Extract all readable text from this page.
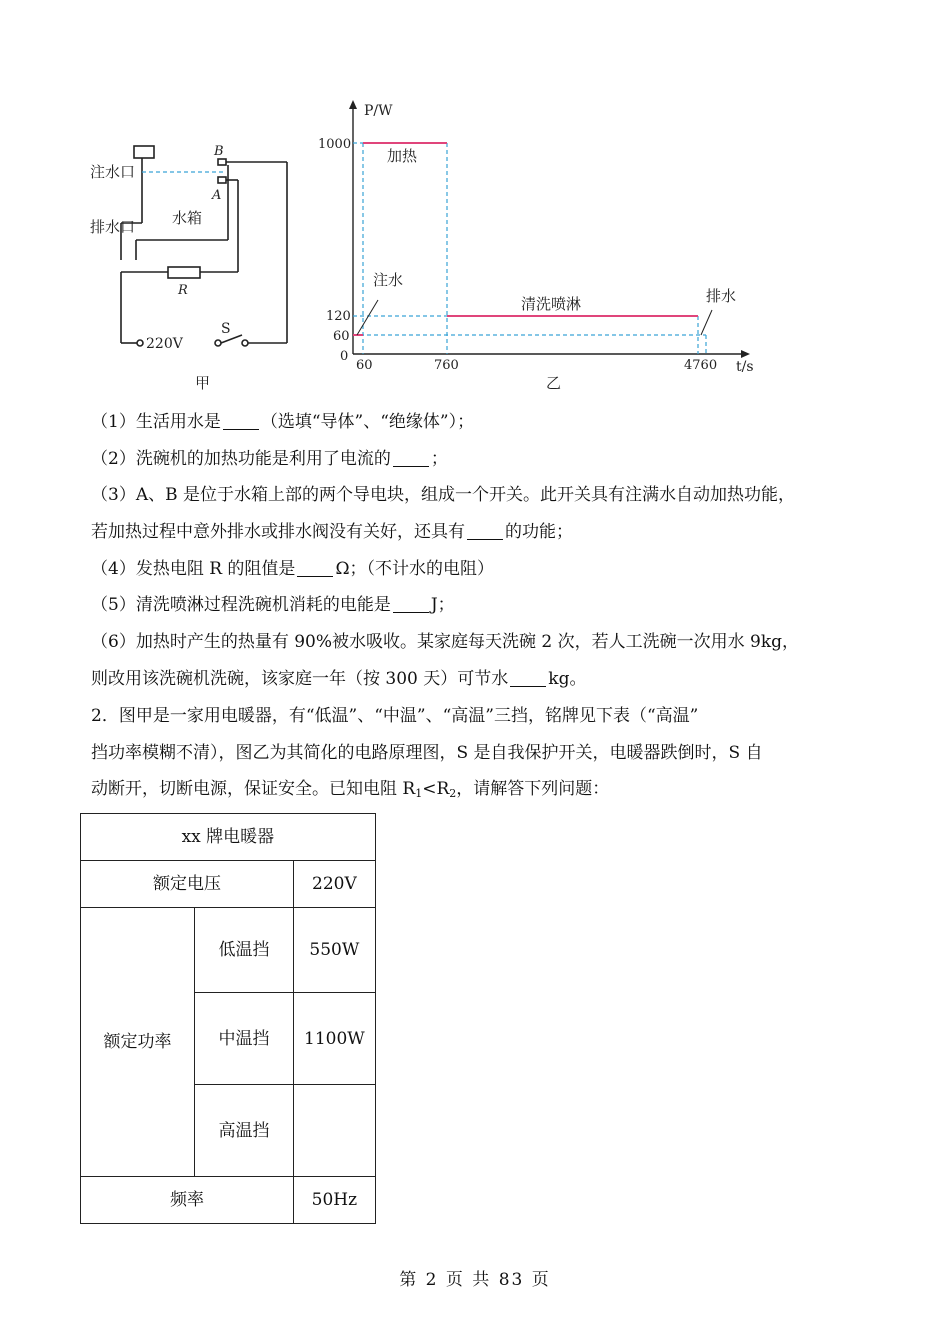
注水口
排水口 水箱
B
A
R
220V
S
甲
P/W
t/s
1000
120
60
0
60	760	4760
加热
注水
清洗喷淋	排水
乙
（1）生活用水是 （选填“导体”、“绝缘体”）；
（2）洗碗机的加热功能是利用了电流的 ；
（3）A、B 是位于水箱上部的两个导电块，组成一个开关。此开关具有注满水自动加热功能，
若加热过程中意外排水或排水阀没有关好，还具有 的功能；
（4）发热电阻 R 的阻值是 Ω；（不计水的电阻）
（5）清洗喷淋过程洗碗机消耗的电能是 J；
（6）加热时产生的热量有 90%被水吸收。某家庭每天洗碗 2 次，若人工洗碗一次用水 9kg，
则改用该洗碗机洗碗，该家庭一年（按 300 天）可节水 kg。
2．图甲是一家用电暖器，有“低温”、“中温”、“高温”三挡，铭牌见下表（“高温”
挡功率模糊不清），图乙为其简化的电路原理图，S 是自我保护开关，电暖器跌倒时，S 自
动断开，切断电源，保证安全。已知电阻 $R_1<R_2$，请解答下列问题：
xx 牌电暖器		
额定电压		220V
额定功率	低温挡	550W
	中温挡	1100W
	高温挡	
频率		50Hz
第 2 页 共 83 页
